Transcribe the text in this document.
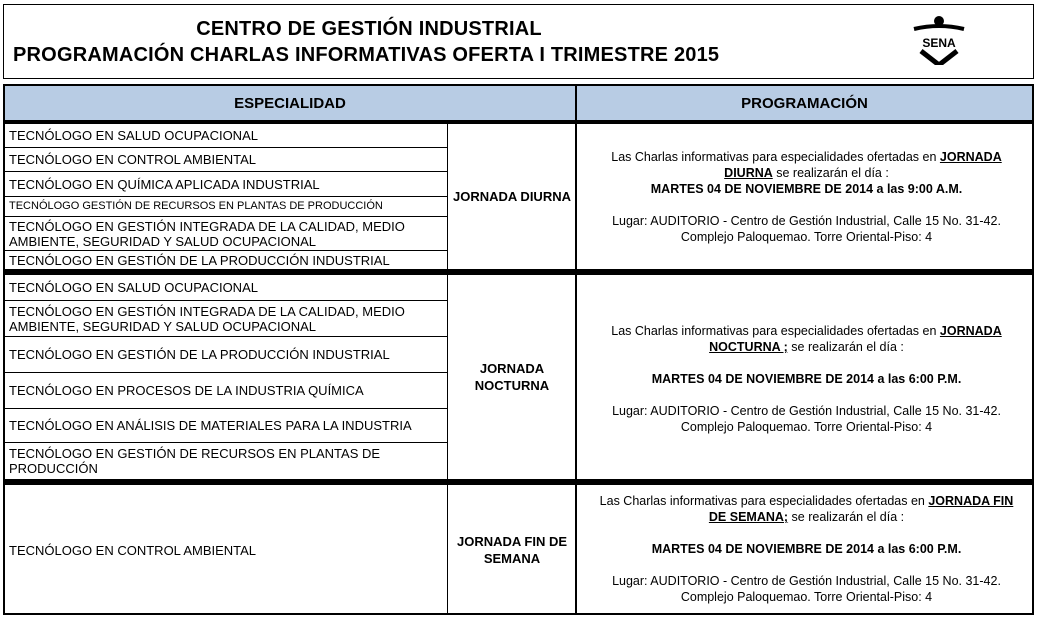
CENTRO DE GESTIÓN INDUSTRIAL
PROGRAMACIÓN CHARLAS INFORMATIVAS OFERTA I TRIMESTRE 2015
SENA
ESPECIALIDAD	PROGRAMACIÓN
TECNÓLOGO EN SALUD OCUPACIONAL
TECNÓLOGO EN CONTROL AMBIENTAL
TECNÓLOGO EN QUÍMICA APLICADA INDUSTRIAL
TECNÓLOGO GESTIÓN DE RECURSOS EN PLANTAS DE PRODUCCIÓN
TECNÓLOGO EN GESTIÓN INTEGRADA DE LA CALIDAD, MEDIO AMBIENTE, SEGURIDAD Y SALUD OCUPACIONAL
TECNÓLOGO EN GESTIÓN DE LA PRODUCCIÓN INDUSTRIAL
JORNADA DIURNA
Las Charlas informativas para especialidades ofertadas en JORNADA
DIURNA se realizarán el día :
MARTES 04 DE NOVIEMBRE DE 2014 a las 9:00 A.M.
Lugar: AUDITORIO - Centro de Gestión Industrial, Calle 15 No. 31-42.
Complejo Paloquemao. Torre Oriental-Piso: 4
TECNÓLOGO EN SALUD OCUPACIONAL
TECNÓLOGO EN GESTIÓN INTEGRADA DE LA CALIDAD, MEDIO AMBIENTE, SEGURIDAD Y SALUD OCUPACIONAL
TECNÓLOGO EN GESTIÓN DE LA PRODUCCIÓN INDUSTRIAL
TECNÓLOGO EN PROCESOS DE LA INDUSTRIA QUÍMICA
TECNÓLOGO EN ANÁLISIS DE MATERIALES PARA LA INDUSTRIA
TECNÓLOGO EN GESTIÓN DE RECURSOS EN PLANTAS DE PRODUCCIÓN
JORNADA
NOCTURNA
Las Charlas informativas para especialidades ofertadas en JORNADA
NOCTURNA ; se realizarán el día :
MARTES 04 DE NOVIEMBRE DE 2014 a las 6:00 P.M.
Lugar: AUDITORIO - Centro de Gestión Industrial, Calle 15 No. 31-42.
Complejo Paloquemao. Torre Oriental-Piso: 4
TECNÓLOGO EN CONTROL AMBIENTAL
JORNADA FIN DE
SEMANA
Las Charlas informativas para especialidades ofertadas en JORNADA FIN
DE SEMANA; se realizarán el día :
MARTES 04 DE NOVIEMBRE DE 2014 a las 6:00 P.M.
Lugar: AUDITORIO - Centro de Gestión Industrial, Calle 15 No. 31-42.
Complejo Paloquemao. Torre Oriental-Piso: 4
